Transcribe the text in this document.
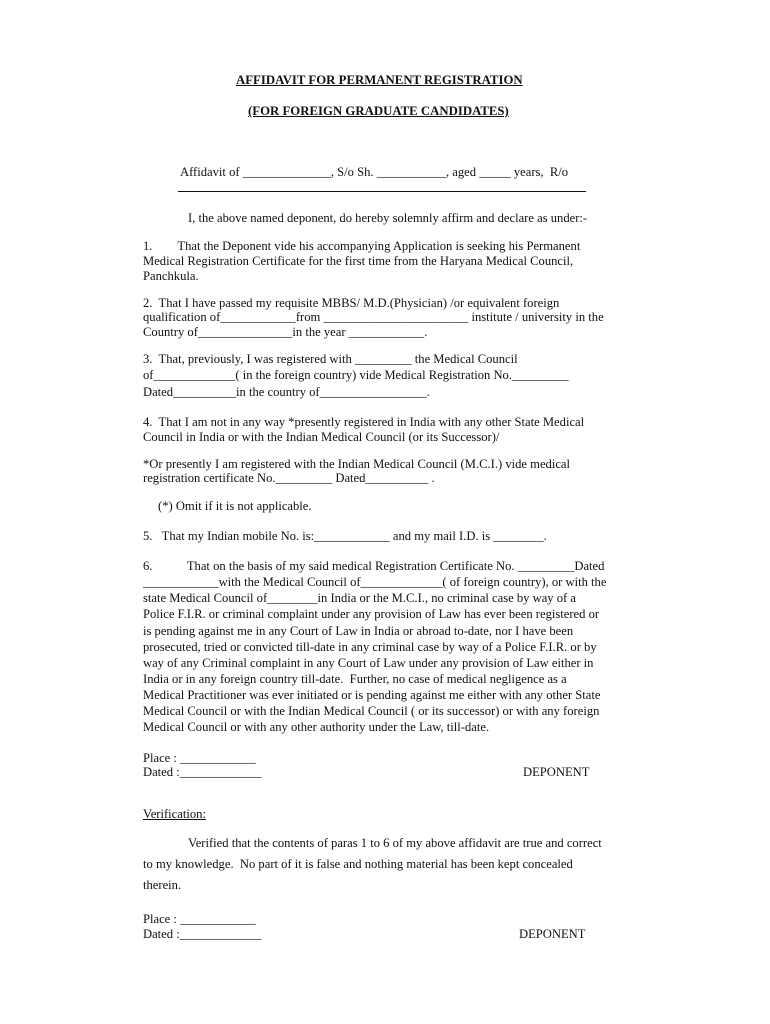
AFFIDAVIT FOR PERMANENT REGISTRATION
(FOR FOREIGN GRADUATE CANDIDATES)
Affidavit of ______________, S/o Sh. ___________, aged _____ years,  R/o
I, the above named deponent, do hereby solemnly affirm and declare as under:-
1.        That the Deponent vide his accompanying Application is seeking his Permanent
Medical Registration Certificate for the first time from the Haryana Medical Council,
Panchkula.
2.  That I have passed my requisite MBBS/ M.D.(Physician) /or equivalent foreign
qualification of____________from _______________________ institute / university in the
Country of_______________in the year ____________.
3.  That, previously, I was registered with _________ the Medical Council
of_____________( in the foreign country) vide Medical Registration No._________
Dated__________in the country of_________________.
4.  That I am not in any way *presently registered in India with any other State Medical
Council in India or with the Indian Medical Council (or its Successor)/
*Or presently I am registered with the Indian Medical Council (M.C.I.) vide medical
registration certificate No._________ Dated__________ .
(*) Omit if it is not applicable.
5.   That my Indian mobile No. is:____________ and my mail I.D. is ________.
6.           That on the basis of my said medical Registration Certificate No. _________Dated
____________with the Medical Council of_____________( of foreign country), or with the
state Medical Council of________in India or the M.C.I., no criminal case by way of a
Police F.I.R. or criminal complaint under any provision of Law has ever been registered or
is pending against me in any Court of Law in India or abroad to-date, nor I have been
prosecuted, tried or convicted till-date in any criminal case by way of a Police F.I.R. or by
way of any Criminal complaint in any Court of Law under any provision of Law either in
India or in any foreign country till-date.  Further, no case of medical negligence as a
Medical Practitioner was ever initiated or is pending against me either with any other State
Medical Council or with the Indian Medical Council ( or its successor) or with any foreign
Medical Council or with any other authority under the Law, till-date.
Place : ____________
Dated :_____________	DEPONENT
Verification:
Verified that the contents of paras 1 to 6 of my above affidavit are true and correct
to my knowledge.  No part of it is false and nothing material has been kept concealed
therein.
Place : ____________
Dated :_____________	DEPONENT
